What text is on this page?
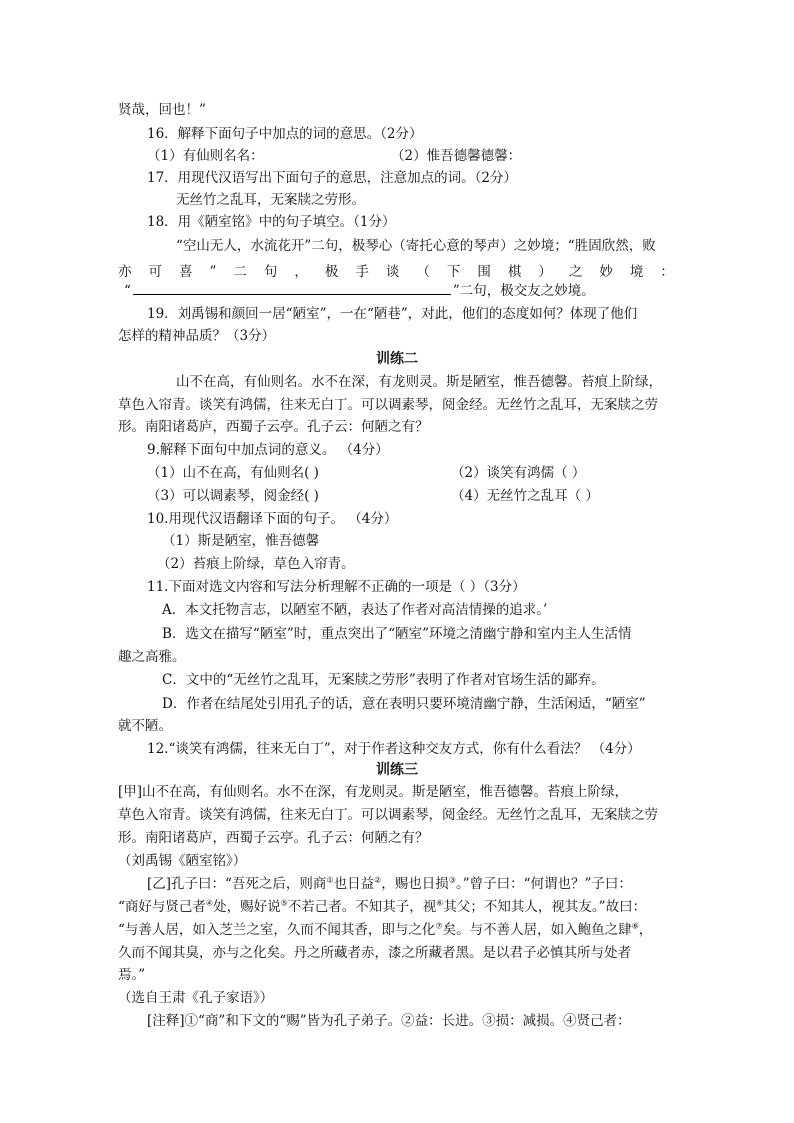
贤哉，回也！”
16．解释下面句子中加点的词的意思。（2分）
（1）有仙则名名：	（2）惟吾德馨德馨：
17．用现代汉语写出下面句子的意思，注意加点的词。（2分）
无丝竹之乱耳，无案牍之劳形。
18．用《陋室铭》中的句子填空。（1分）
“空山无人，水流花开”二句，极琴心（寄托心意的琴声）之妙境；“胜固欣然，败
亦 可 喜 ” 二 句 ， 极 手 谈 （ 下 围 棋 ） 之 妙 境 ：
“	”二句，极交友之妙境。
19．刘禹锡和颜回一居“陋室”，一在“陋巷”，对此，他们的态度如何？体现了他们
怎样的精神品质？（3分）
训练二
山不在高，有仙则名。水不在深，有龙则灵。斯是陋室，惟吾德馨。苔痕上阶绿，
草色入帘青。谈笑有鸿儒，往来无白丁。可以调素琴，阅金经。无丝竹之乱耳，无案牍之劳
形。南阳诸葛庐，西蜀子云亭。孔子云：何陋之有？
9.解释下面句中加点词的意义。 （4分）
（1）山不在高，有仙则名( )	（2）谈笑有鸿儒（ ）
（3）可以调素琴，阅金经( )	（4）无丝竹之乱耳（ ）
10.用现代汉语翻译下面的句子。 （4分）
（1）斯是陋室，惟吾德馨
（2）苔痕上阶绿，草色入帘青。
11.下面对选文内容和写法分析理解不正确的一项是（ ）（3分）
A．本文托物言志，以陋室不陋，表达了作者对高洁情操的追求。’
B．选文在描写“陋室”时，重点突出了“陋室”环境之清幽宁静和室内主人生活情
趣之高雅。
C．文中的“无丝竹之乱耳，无案牍之劳形”表明了作者对官场生活的鄙弃。
D．作者在结尾处引用孔子的话，意在表明只要环境清幽宁静，生活闲适，“陋室”
就不陋。
12.“谈笑有鸿儒，往来无白丁”，对于作者这种交友方式，你有什么看法？ （4分）
训练三
[甲]山不在高，有仙则名。水不在深，有龙则灵。斯是陋室，惟吾德馨。苔痕上阶绿，
草色入帘青。谈笑有鸿儒，往来无白丁。可以调素琴，阅金经。无丝竹之乱耳，无案牍之劳
形。南阳诸葛庐，西蜀子云亭。孔子云：何陋之有？
（刘禹锡《陋室铭》）
[乙]孔子曰：“吾死之后，则商①也日益②，赐也日损③。”曾子曰：“何谓也？”子曰：
“商好与贤己者④处，赐好说⑤不若己者。不知其子，视⑥其父；不知其人，视其友。”故曰：
“与善人居，如入芝兰之室，久而不闻其香，即与之化⑦矣。与不善人居，如入鲍鱼之肆⑧，
久而不闻其臭，亦与之化矣。丹之所藏者赤，漆之所藏者黑。是以君子必慎其所与处者
焉。”
（选自王肃《孔子家语》）
[注释]①“商”和下文的“赐”皆为孔子弟子。②益：长进。③损：减损。④贤己者：
